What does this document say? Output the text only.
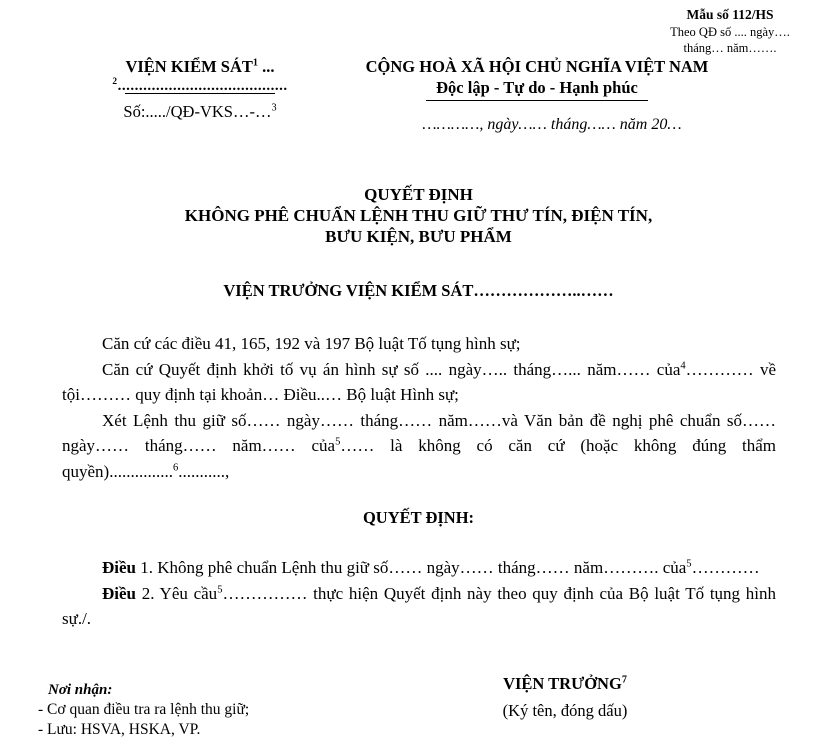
Mẫu số 112/HS
Theo QĐ số .... ngày….
tháng… năm…….
VIỆN KIỂM SÁT$^1$ ...
$^2$........................................
Số:...../QĐ-VKS…-…$^3$
CỘNG HOÀ XÃ HỘI CHỦ NGHĨA VIỆT NAM
Độc lập - Tự do - Hạnh phúc
…………, ngày…… tháng…… năm 20…
QUYẾT ĐỊNH
KHÔNG PHÊ CHUẨN LỆNH THU GIỮ THƯ TÍN, ĐIỆN TÍN,
BƯU KIỆN, BƯU PHẨM
VIỆN TRƯỞNG VIỆN KIỂM SÁT………………..……

Căn cứ các điều 41, 165, 192 và 197 Bộ luật Tố tụng hình sự;

Căn cứ Quyết định khởi tố vụ án hình sự số .... ngày….. tháng…... năm…… của$^4$………… về tội……… quy định tại khoản… Điều..… Bộ luật Hình sự;

Xét Lệnh thu giữ số…… ngày…… tháng…… năm……và Văn bản đề nghị phê chuẩn số…… ngày…… tháng…… năm…… của$^5$…… là không có căn cứ (hoặc không đúng thẩm quyền)...............$^6$...........,

QUYẾT ĐỊNH:

Điều 1. Không phê chuẩn Lệnh thu giữ số…… ngày…… tháng…… năm………. của$^5$…………

Điều 2. Yêu cầu$^5$…………… thực hiện Quyết định này theo quy định của Bộ luật Tố tụng hình sự./.

Nơi nhận:
- Cơ quan điều tra ra lệnh thu giữ;
- Lưu: HSVA, HSKA, VP.
VIỆN TRƯỞNG$^7$
(Ký tên, đóng dấu)
